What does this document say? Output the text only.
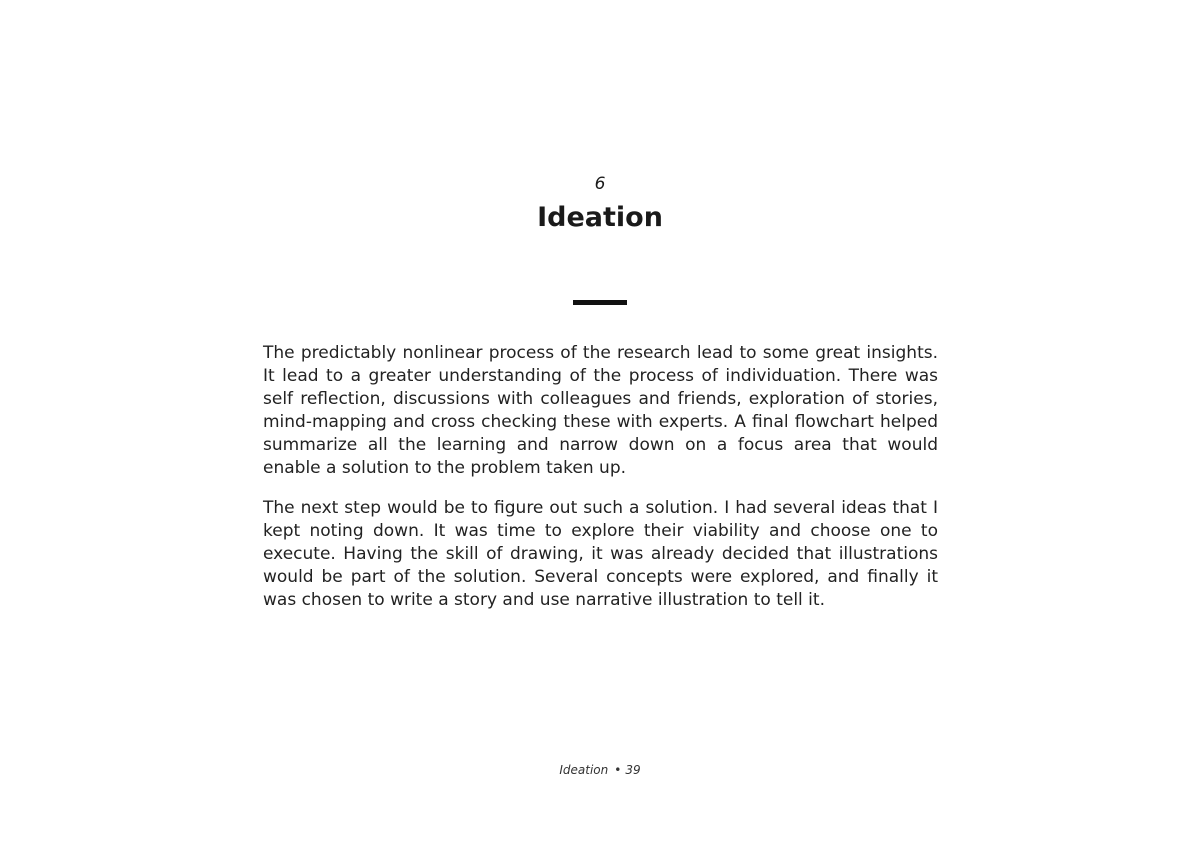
6
Ideation

The predictably nonlinear process of the research lead to some great insights. It lead to a greater understanding of the process of individuation. There was self reflection, discussions with colleagues and friends, exploration of stories, mind-mapping and cross checking these with experts. A final flowchart helped summarize all the learning and narrow down on a focus area that would enable a solution to the problem taken up.

The next step would be to figure out such a solution. I had several ideas that I kept noting down. It was time to explore their viability and choose one to execute. Having the skill of drawing, it was already decided that illustrations would be part of the solution. Several concepts were explored, and finally it was chosen to write a story and use narrative illustration to tell it.

Ideation • 39
